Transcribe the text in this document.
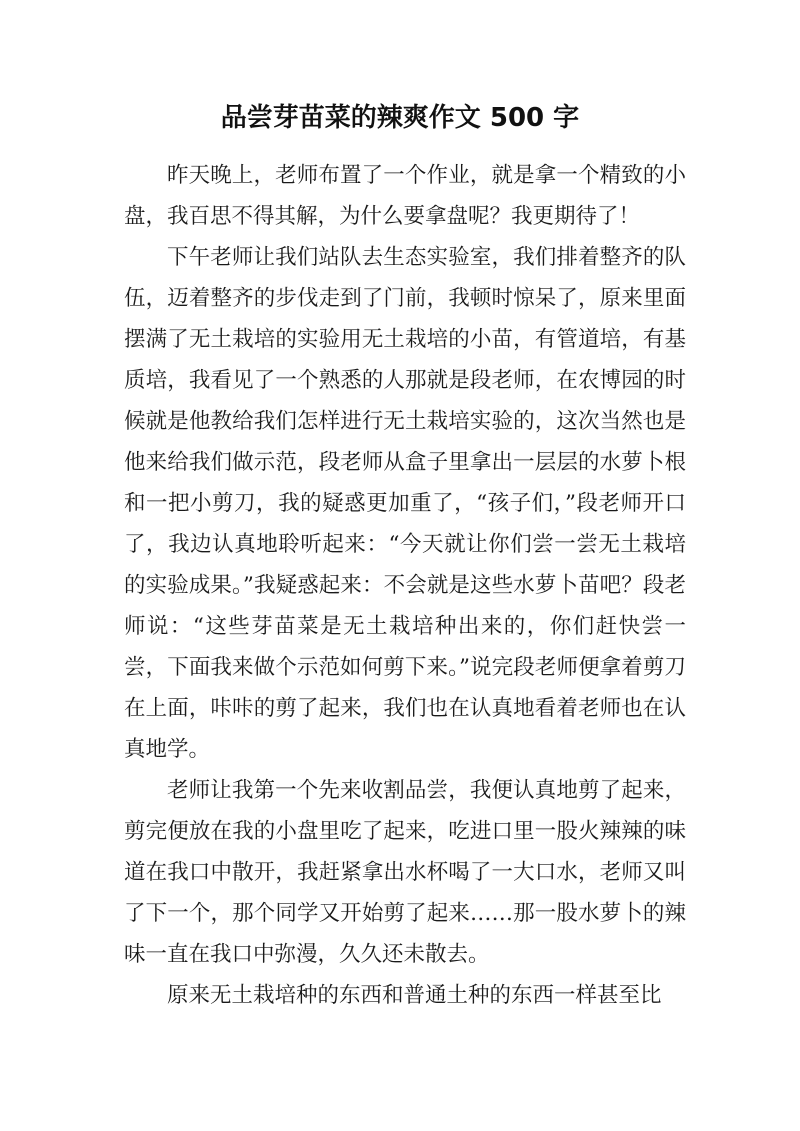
品尝芽苗菜的辣爽作文 500 字

昨天晚上，老师布置了一个作业，就是拿一个精致的小盘，我百思不得其解，为什么要拿盘呢？我更期待了！

下午老师让我们站队去生态实验室，我们排着整齐的队伍，迈着整齐的步伐走到了门前，我顿时惊呆了，原来里面摆满了无土栽培的实验用无土栽培的小苗，有管道培，有基质培，我看见了一个熟悉的人那就是段老师，在农博园的时候就是他教给我们怎样进行无土栽培实验的，这次当然也是他来给我们做示范，段老师从盒子里拿出一层层的水萝卜根和一把小剪刀，我的疑惑更加重了，“孩子们，”段老师开口了，我边认真地聆听起来：“今天就让你们尝一尝无土栽培的实验成果。”我疑惑起来：不会就是这些水萝卜苗吧？段老师说：“这些芽苗菜是无土栽培种出来的，你们赶快尝一尝，下面我来做个示范如何剪下来。”说完段老师便拿着剪刀在上面，咔咔的剪了起来，我们也在认真地看着老师也在认真地学。

老师让我第一个先来收割品尝，我便认真地剪了起来，剪完便放在我的小盘里吃了起来，吃进口里一股火辣辣的味道在我口中散开，我赶紧拿出水杯喝了一大口水，老师又叫了下一个，那个同学又开始剪了起来……那一股水萝卜的辣味一直在我口中弥漫，久久还未散去。

原来无土栽培种的东西和普通土种的东西一样甚至比
